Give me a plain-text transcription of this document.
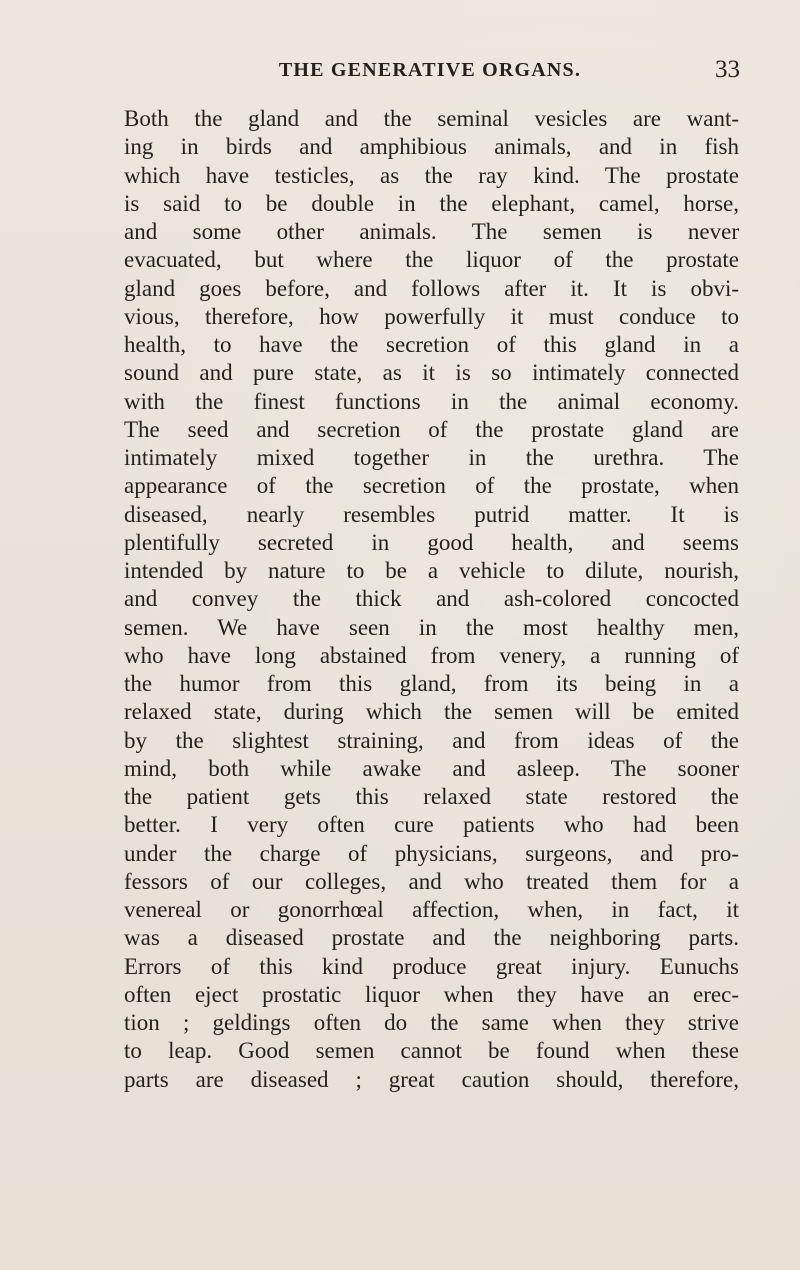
THE GENERATIVE ORGANS.	33
Both the gland and the seminal vesicles are want-
ing in birds and amphibious animals, and in fish
which have testicles, as the ray kind. The prostate
is said to be double in the elephant, camel, horse,
and some other animals. The semen is never
evacuated, but where the liquor of the prostate
gland goes before, and follows after it. It is obvi-
vious, therefore, how powerfully it must conduce to
health, to have the secretion of this gland in a
sound and pure state, as it is so intimately connected
with the finest functions in the animal economy.
The seed and secretion of the prostate gland are
intimately mixed together in the urethra. The
appearance of the secretion of the prostate, when
diseased, nearly resembles putrid matter. It is
plentifully secreted in good health, and seems
intended by nature to be a vehicle to dilute, nourish,
and convey the thick and ash-colored concocted
semen. We have seen in the most healthy men,
who have long abstained from venery, a running of
the humor from this gland, from its being in a
relaxed state, during which the semen will be emited
by the slightest straining, and from ideas of the
mind, both while awake and asleep. The sooner
the patient gets this relaxed state restored the
better. I very often cure patients who had been
under the charge of physicians, surgeons, and pro-
fessors of our colleges, and who treated them for a
venereal or gonorrhœal affection, when, in fact, it
was a diseased prostate and the neighboring parts.
Errors of this kind produce great injury. Eunuchs
often eject prostatic liquor when they have an erec-
tion ; geldings often do the same when they strive
to leap. Good semen cannot be found when these
parts are diseased ; great caution should, therefore,
